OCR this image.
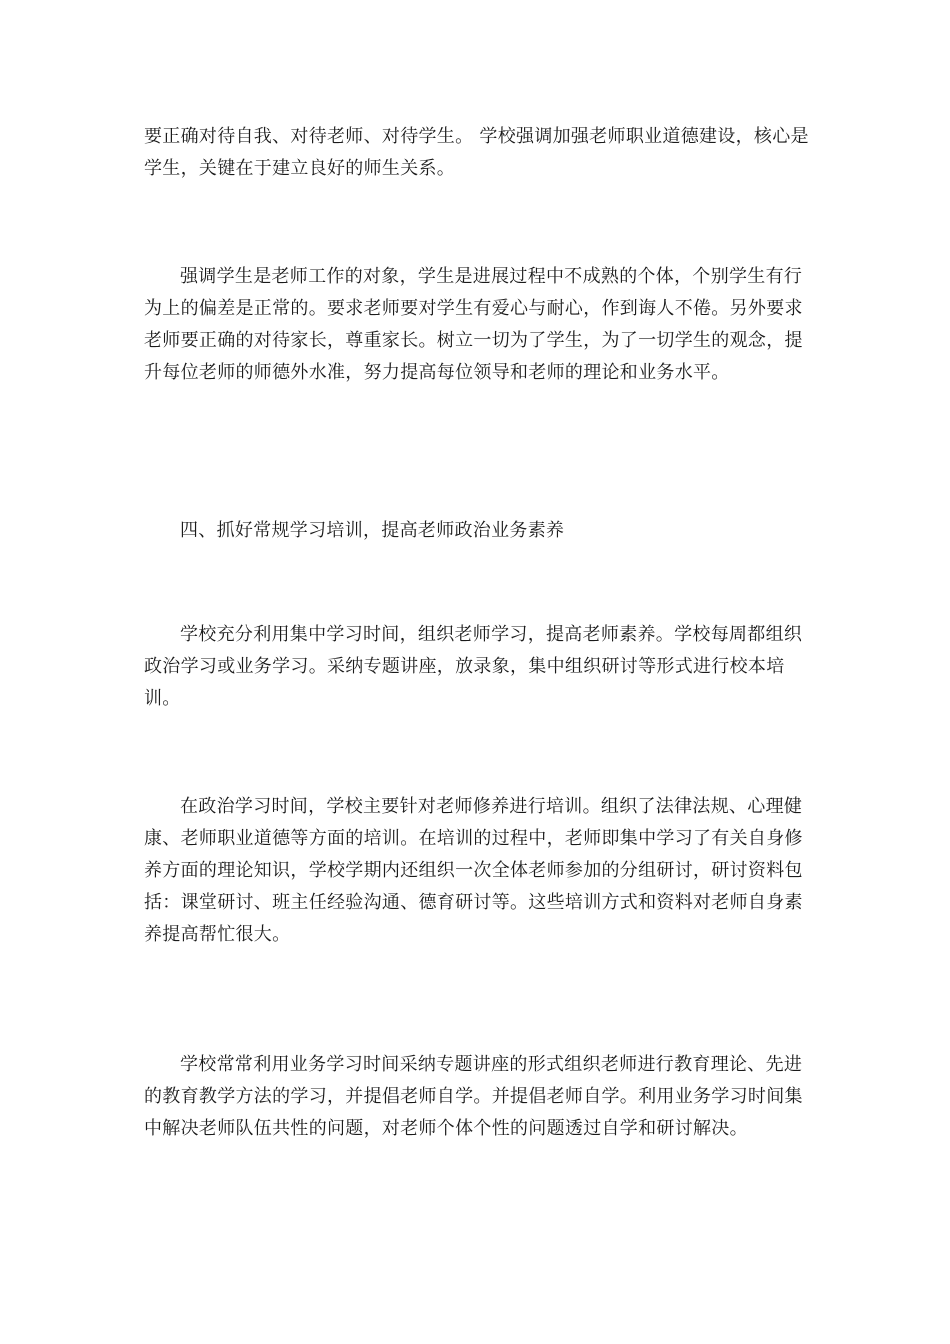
要正确对待自我、对待老师、对待学生。 学校强调加强老师职业道德建设，核心是学生，关键在于建立良好的师生关系。

强调学生是老师工作的对象，学生是进展过程中不成熟的个体，个别学生有行为上的偏差是正常的。要求老师要对学生有爱心与耐心，作到诲人不倦。另外要求老师要正确的对待家长，尊重家长。树立一切为了学生，为了一切学生的观念，提升每位老师的师德外水准，努力提高每位领导和老师的理论和业务水平。

四、抓好常规学习培训，提高老师政治业务素养

学校充分利用集中学习时间，组织老师学习，提高老师素养。学校每周都组织政治学习或业务学习。采纳专题讲座，放录象，集中组织研讨等形式进行校本培训。

在政治学习时间，学校主要针对老师修养进行培训。组织了法律法规、心理健康、老师职业道德等方面的培训。在培训的过程中，老师即集中学习了有关自身修养方面的理论知识，学校学期内还组织一次全体老师参加的分组研讨，研讨资料包括：课堂研讨、班主任经验沟通、德育研讨等。这些培训方式和资料对老师自身素养提高帮忙很大。

学校常常利用业务学习时间采纳专题讲座的形式组织老师进行教育理论、先进的教育教学方法的学习，并提倡老师自学。并提倡老师自学。利用业务学习时间集中解决老师队伍共性的问题，对老师个体个性的问题透过自学和研讨解决。
